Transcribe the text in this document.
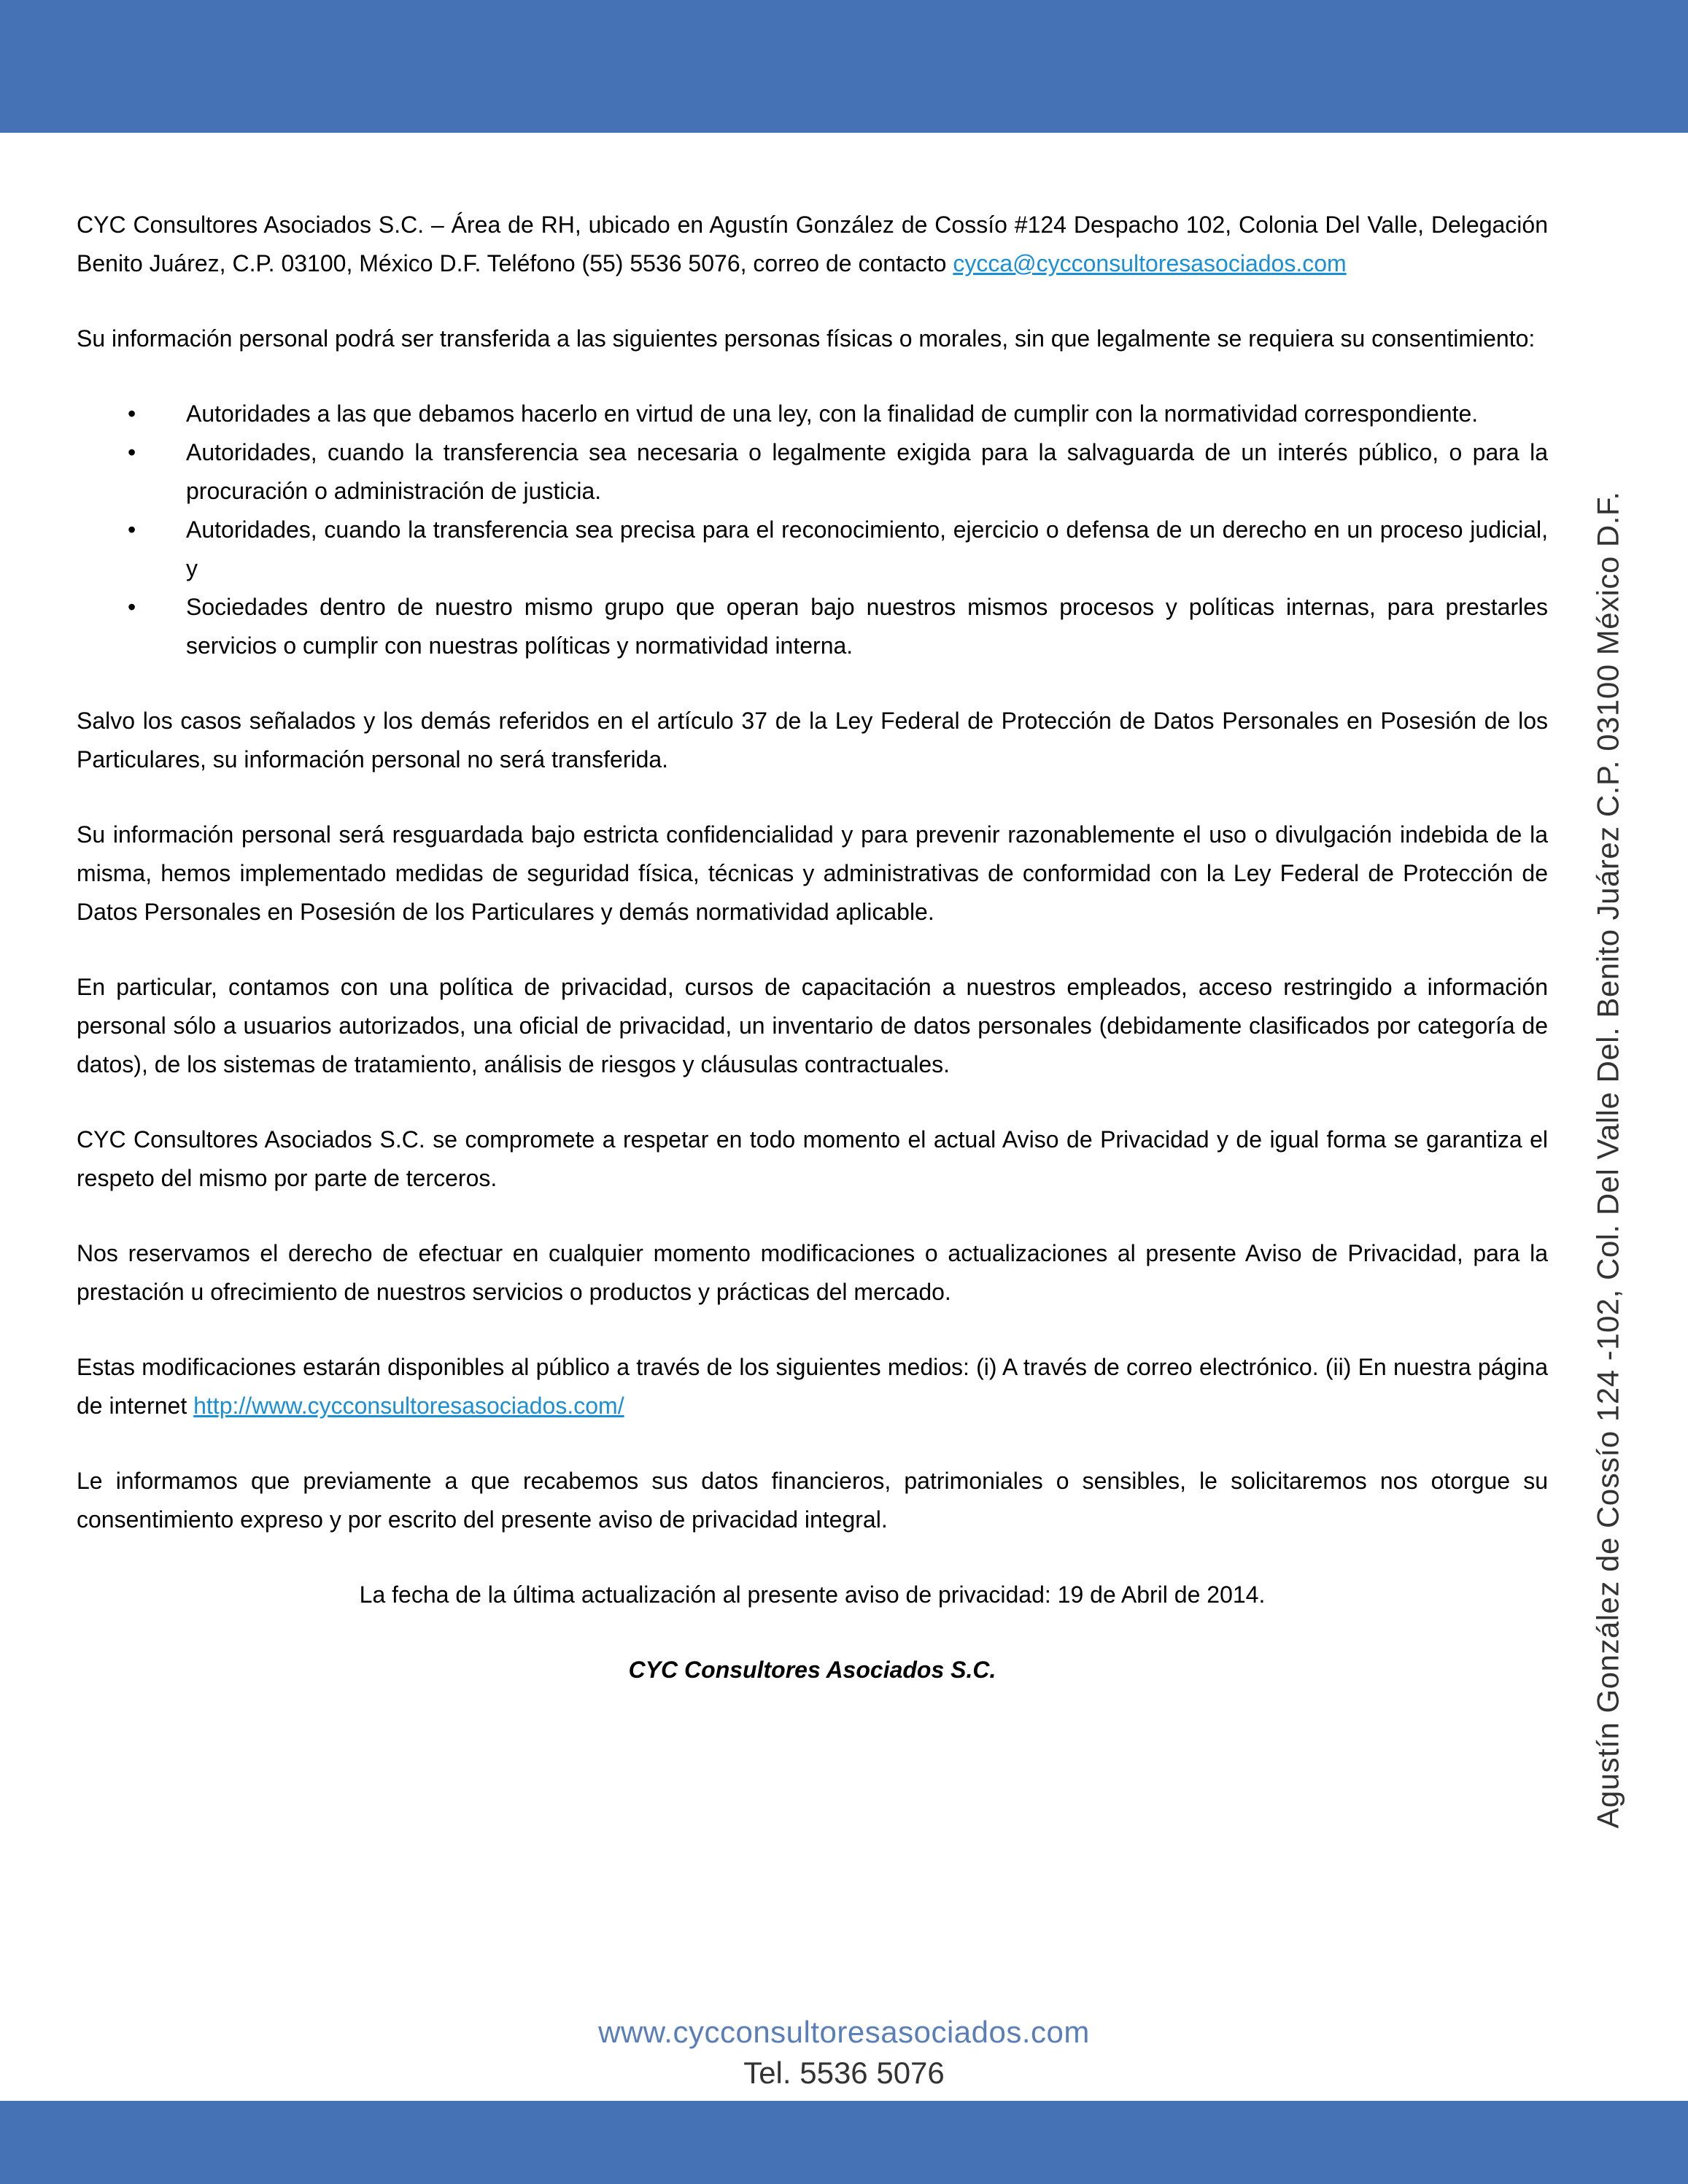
CYC Consultores Asociados S.C. – Área de RH, ubicado en Agustín González de Cossío #124 Despacho 102, Colonia Del Valle, Delegación Benito Juárez, C.P. 03100, México D.F. Teléfono (55) 5536 5076, correo de contacto cycca@cycconsultoresasociados.com

Su información personal podrá ser transferida a las siguientes personas físicas o morales, sin que legalmente se requiera su consentimiento:

• Autoridades a las que debamos hacerlo en virtud de una ley, con la finalidad de cumplir con la normatividad correspondiente.
• Autoridades, cuando la transferencia sea necesaria o legalmente exigida para la salvaguarda de un interés público, o para la procuración o administración de justicia.
• Autoridades, cuando la transferencia sea precisa para el reconocimiento, ejercicio o defensa de un derecho en un proceso judicial, y
• Sociedades dentro de nuestro mismo grupo que operan bajo nuestros mismos procesos y políticas internas, para prestarles servicios o cumplir con nuestras políticas y normatividad interna.

Salvo los casos señalados y los demás referidos en el artículo 37 de la Ley Federal de Protección de Datos Personales en Posesión de los Particulares, su información personal no será transferida.

Su información personal será resguardada bajo estricta confidencialidad y para prevenir razonablemente el uso o divulgación indebida de la misma, hemos implementado medidas de seguridad física, técnicas y administrativas de conformidad con la Ley Federal de Protección de Datos Personales en Posesión de los Particulares y demás normatividad aplicable.

En particular, contamos con una política de privacidad, cursos de capacitación a nuestros empleados, acceso restringido a información personal sólo a usuarios autorizados, una oficial de privacidad, un inventario de datos personales (debidamente clasificados por categoría de datos), de los sistemas de tratamiento, análisis de riesgos y cláusulas contractuales.

CYC Consultores Asociados S.C. se compromete a respetar en todo momento el actual Aviso de Privacidad y de igual forma se garantiza el respeto del mismo por parte de terceros.

Nos reservamos el derecho de efectuar en cualquier momento modificaciones o actualizaciones al presente Aviso de Privacidad, para la prestación u ofrecimiento de nuestros servicios o productos y prácticas del mercado.

Estas modificaciones estarán disponibles al público a través de los siguientes medios: (i) A través de correo electrónico. (ii) En nuestra página de internet http://www.cycconsultoresasociados.com/

Le informamos que previamente a que recabemos sus datos financieros, patrimoniales o sensibles, le solicitaremos nos otorgue su consentimiento expreso y por escrito del presente aviso de privacidad integral.

La fecha de la última actualización al presente aviso de privacidad: 19 de Abril de 2014.

CYC Consultores Asociados S.C.	Agustín González de Cossío 124 -102, Col. Del Valle Del. Benito Juárez C.P. 03100 México D.F.
www.cycconsultoresasociados.com
Tel. 5536 5076
